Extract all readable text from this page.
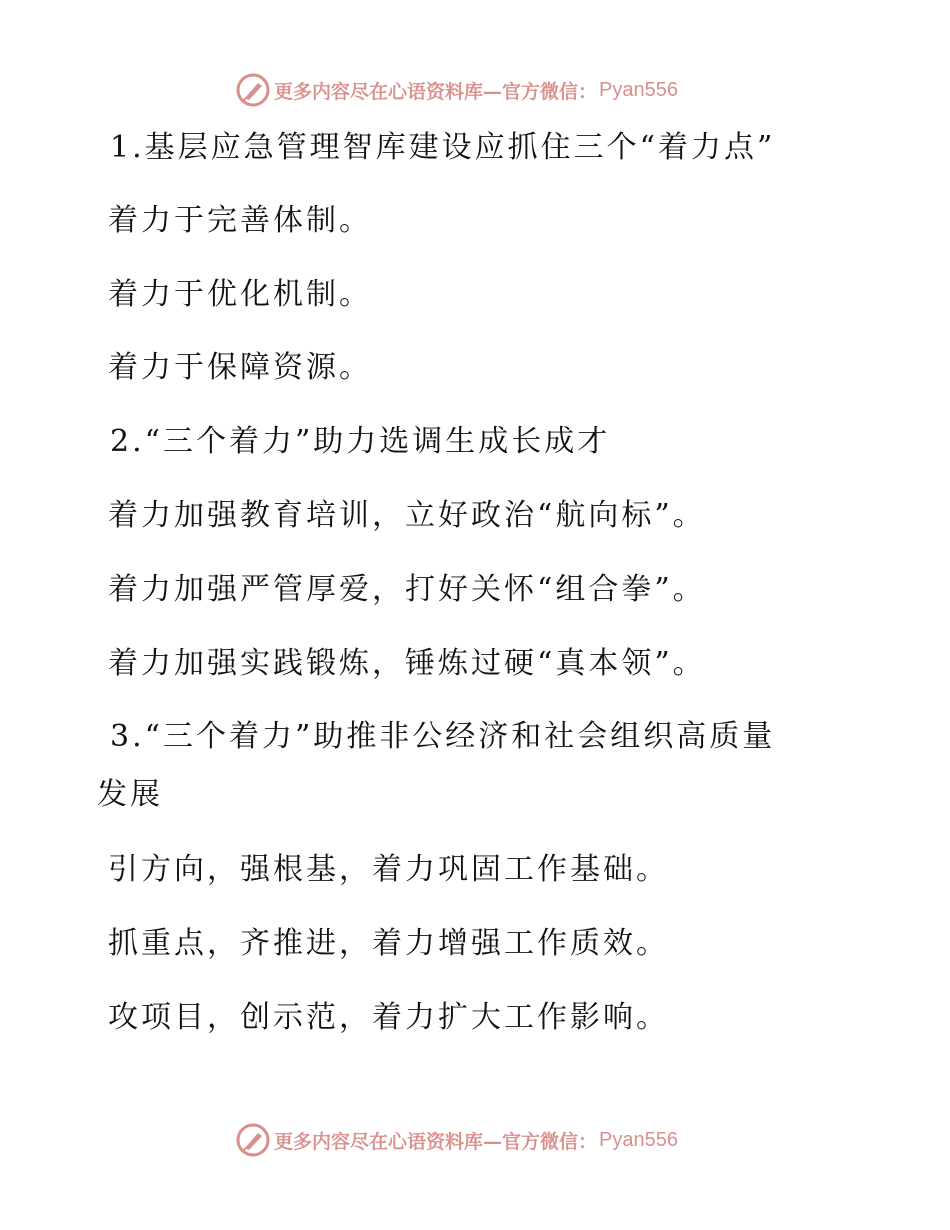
更多内容尽在心语资料库—官方微信： Pyan556
1.基层应急管理智库建设应抓住三个“着力点”
着力于完善体制。
着力于优化机制。
着力于保障资源。
2.“三个着力”助力选调生成长成才
着力加强教育培训，立好政治“航向标”。
着力加强严管厚爱，打好关怀“组合拳”。
着力加强实践锻炼，锤炼过硬“真本领”。
3.“三个着力”助推非公经济和社会组织高质量
发展
引方向，强根基，着力巩固工作基础。
抓重点，齐推进，着力增强工作质效。
攻项目，创示范，着力扩大工作影响。
更多内容尽在心语资料库—官方微信： Pyan556
